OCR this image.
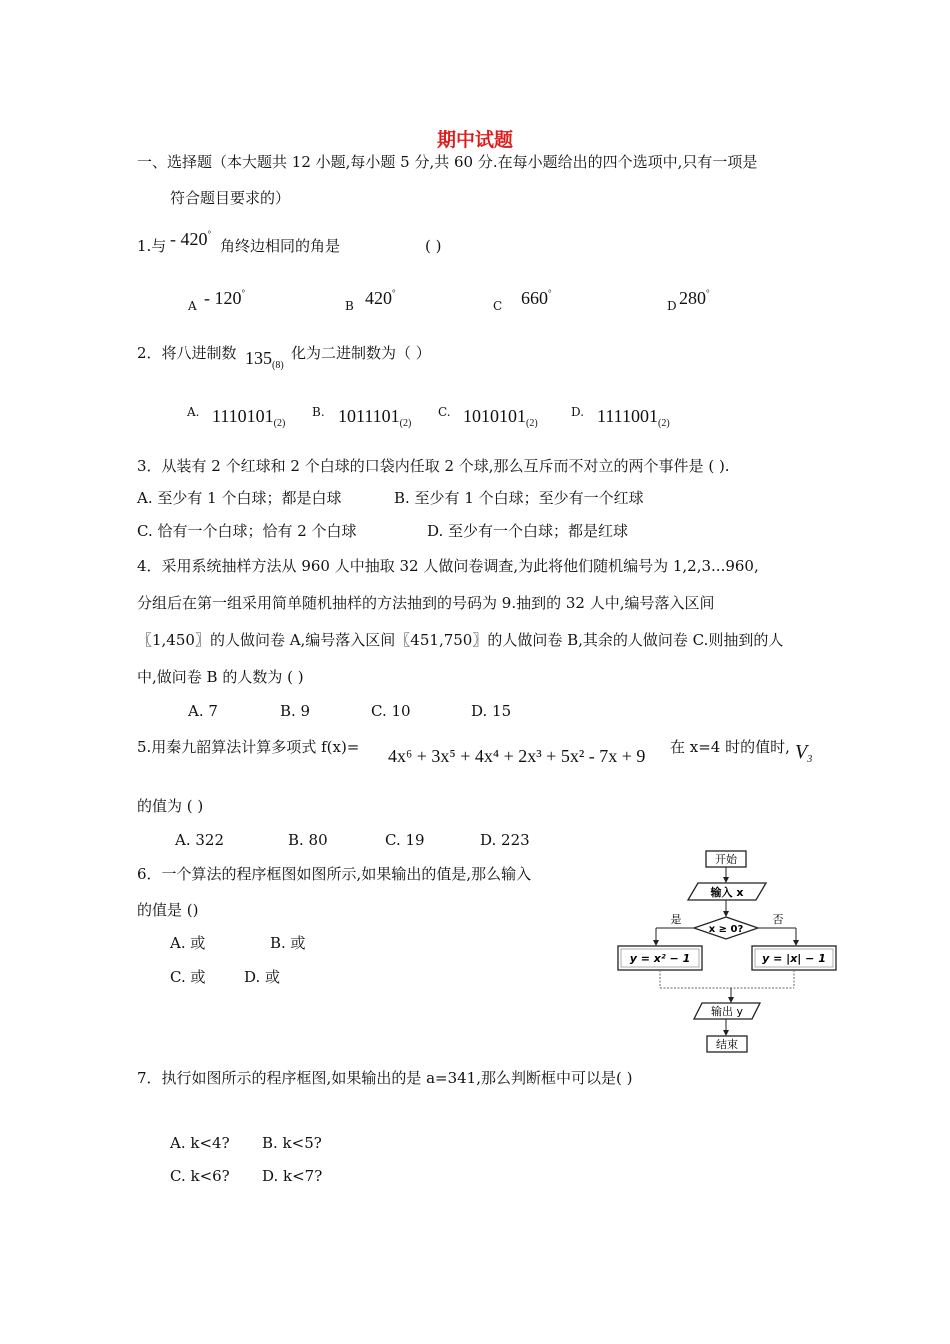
期中试题
一、选择题（本大题共 12 小题,每小题 5 分,共 60 分.在每小题给出的四个选项中,只有一项是
符合题目要求的）
1.与 - 420°
角终边相同的角是	( )
A - 120°
B 420°
C 660°
D 280°
2．将八进制数 $135_{(8)}$
化为二进制数为（ ）
A. $1110101_{(2)}$
B. $1011101_{(2)}$
C. $1010101_{(2)}$
D. $1111001_{(2)}$
3．从装有 2 个红球和 2 个白球的口袋内任取 2 个球,那么互斥而不对立的两个事件是 ( ).
A. 至少有 1 个白球；都是白球	B. 至少有 1 个白球；至少有一个红球
C. 恰有一个白球；恰有 2 个白球	D. 至少有一个白球；都是红球
4．采用系统抽样方法从 960 人中抽取 32 人做问卷调查,为此将他们随机编号为 1,2,3...960,
分组后在第一组采用简单随机抽样的方法抽到的号码为 9.抽到的 32 人中,编号落入区间
〖1,450〗的人做问卷 A,编号落入区间〖451,750〗的人做问卷 B,其余的人做问卷 C.则抽到的人
中,做问卷 B 的人数为 ( )
A. 7	B. 9	C. 10	D. 15
5.用秦九韶算法计算多项式 f(x)= 4x⁶ + 3x⁵ + 4x⁴ + 2x³ + 5x² - 7x + 9 在 x=4 时的值时, $V_3$
的值为 ( )
A. 322	B. 80	C. 19	D. 223
6．一个算法的程序框图如图所示,如果输出的值是,那么输入
的值是 ()
A. 或	B. 或
C. 或	D. 或
开始
输入 x
x ≥ 0?
是	否
y = x² − 1	y = |x| − 1
输出 y
结束
7．执行如图所示的程序框图,如果输出的是 a=341,那么判断框中可以是( )
A. k<4? B. k<5?
C. k<6? D. k<7?
